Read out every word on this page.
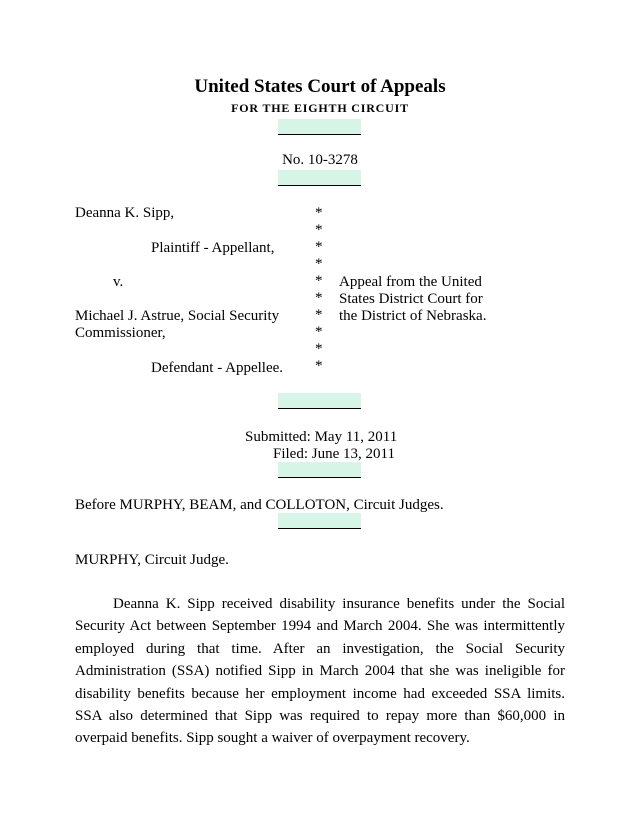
United States Court of Appeals
FOR THE EIGHTH CIRCUIT
No. 10-3278
Deanna K. Sipp,
Plaintiff - Appellant,
v.
Michael J. Astrue, Social Security
Commissioner,
Defendant - Appellee.
*
*
*
*
*
*
*
*
*
*
Appeal from the United
States District Court for
the District of Nebraska.
Submitted: May 11, 2011
Filed: June 13, 2011
Before MURPHY, BEAM, and COLLOTON, Circuit Judges.
MURPHY, Circuit Judge.
Deanna K. Sipp received disability insurance benefits under the Social Security Act between September 1994 and March 2004. She was intermittently employed during that time. After an investigation, the Social Security Administration (SSA) notified Sipp in March 2004 that she was ineligible for disability benefits because her employment income had exceeded SSA limits. SSA also determined that Sipp was required to repay more than $60,000 in overpaid benefits. Sipp sought a waiver of overpayment recovery.
